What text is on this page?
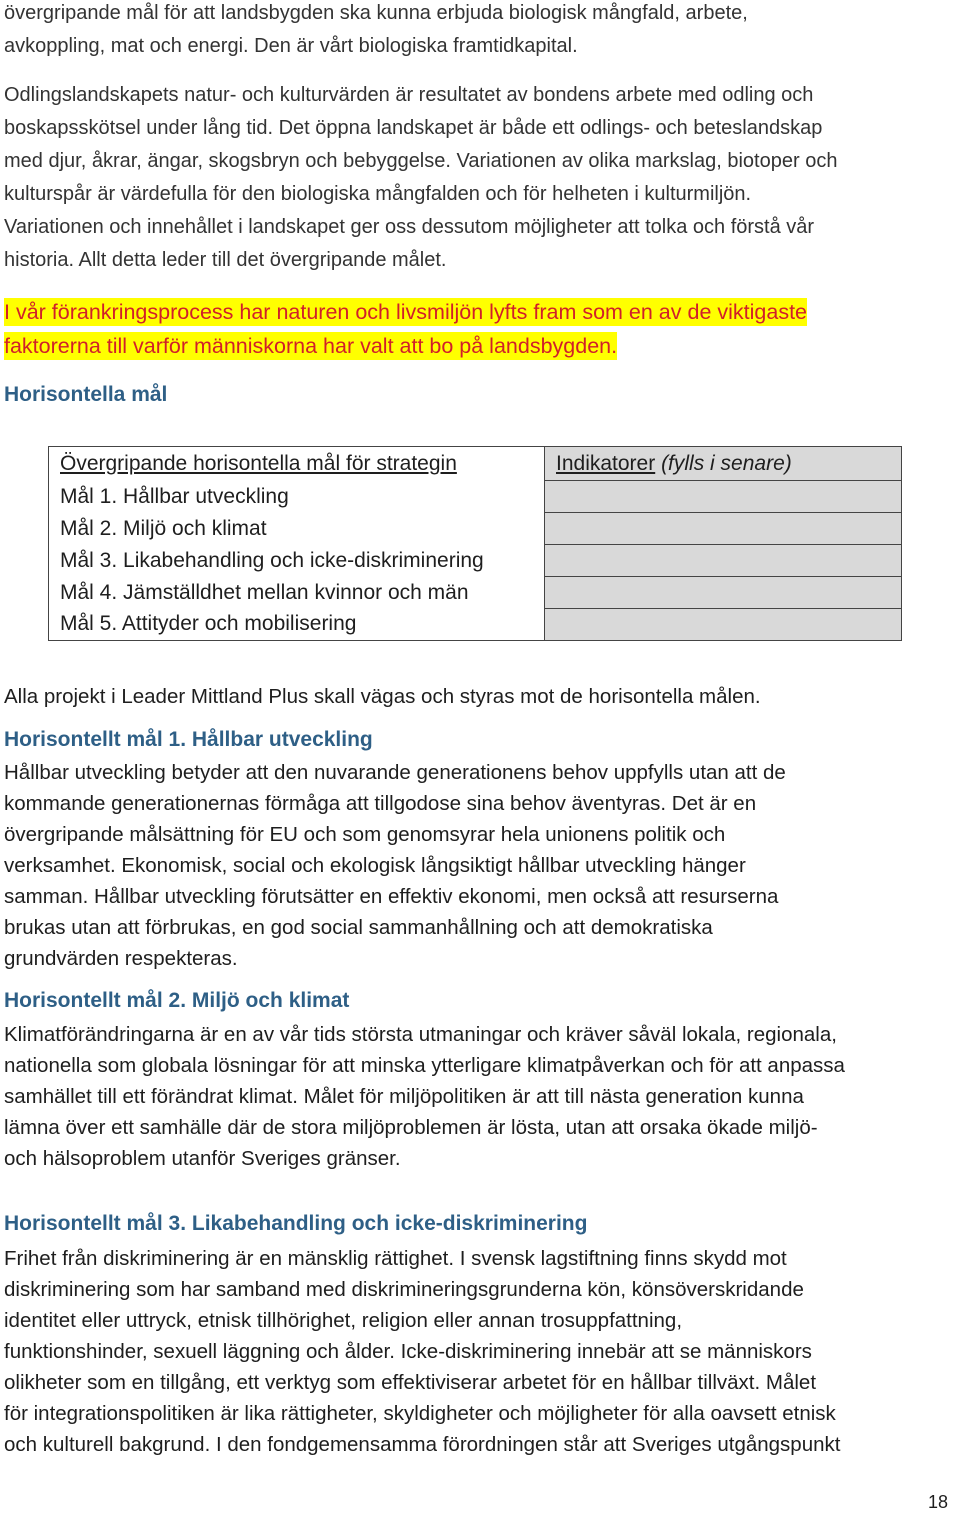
övergripande mål för att landsbygden ska kunna erbjuda biologisk mångfald, arbete,

avkoppling, mat och energi. Den är vårt biologiska framtidkapital.

Odlingslandskapets natur- och kulturvärden är resultatet av bondens arbete med odling och

boskapsskötsel under lång tid. Det öppna landskapet är både ett odlings- och beteslandskap

med djur, åkrar, ängar, skogsbryn och bebyggelse. Variationen av olika markslag, biotoper och

kulturspår är värdefulla för den biologiska mångfalden och för helheten i kulturmiljön.

Variationen och innehållet i landskapet ger oss dessutom möjligheter att tolka och förstå vår

historia. Allt detta leder till det övergripande målet.

I vår förankringsprocess har naturen och livsmiljön lyfts fram som en av de viktigaste
faktorerna till varför människorna har valt att bo på landsbygden.
Horisontella mål
Övergripande horisontella mål för strategin	Indikatorer (fylls i senare)
Mål 1. Hållbar utveckling	
Mål 2. Miljö och klimat	
Mål 3. Likabehandling och icke-diskriminering	
Mål 4. Jämställdhet mellan kvinnor och män	
Mål 5. Attityder och mobilisering	

Alla projekt i Leader Mittland Plus skall vägas och styras mot de horisontella målen.

Horisontellt mål 1. Hållbar utveckling

Hållbar utveckling betyder att den nuvarande generationens behov uppfylls utan att de

kommande generationernas förmåga att tillgodose sina behov äventyras. Det är en

övergripande målsättning för EU och som genomsyrar hela unionens politik och

verksamhet. Ekonomisk, social och ekologisk långsiktigt hållbar utveckling hänger

samman. Hållbar utveckling förutsätter en effektiv ekonomi, men också att resurserna

brukas utan att förbrukas, en god social sammanhållning och att demokratiska

grundvärden respekteras.

Horisontellt mål 2. Miljö och klimat

Klimatförändringarna är en av vår tids största utmaningar och kräver såväl lokala, regionala,

nationella som globala lösningar för att minska ytterligare klimatpåverkan och för att anpassa

samhället till ett förändrat klimat. Målet för miljöpolitiken är att till nästa generation kunna

lämna över ett samhälle där de stora miljöproblemen är lösta, utan att orsaka ökade miljö-

och hälsoproblem utanför Sveriges gränser.

Horisontellt mål 3. Likabehandling och icke-diskriminering

Frihet från diskriminering är en mänsklig rättighet. I svensk lagstiftning finns skydd mot

diskriminering som har samband med diskrimineringsgrunderna kön, könsöverskridande

identitet eller uttryck, etnisk tillhörighet, religion eller annan trosuppfattning,

funktionshinder, sexuell läggning och ålder. Icke-diskriminering innebär att se människors

olikheter som en tillgång, ett verktyg som effektiviserar arbetet för en hållbar tillväxt. Målet

för integrationspolitiken är lika rättigheter, skyldigheter och möjligheter för alla oavsett etnisk

och kulturell bakgrund. I den fondgemensamma förordningen står att Sveriges utgångspunkt

18
